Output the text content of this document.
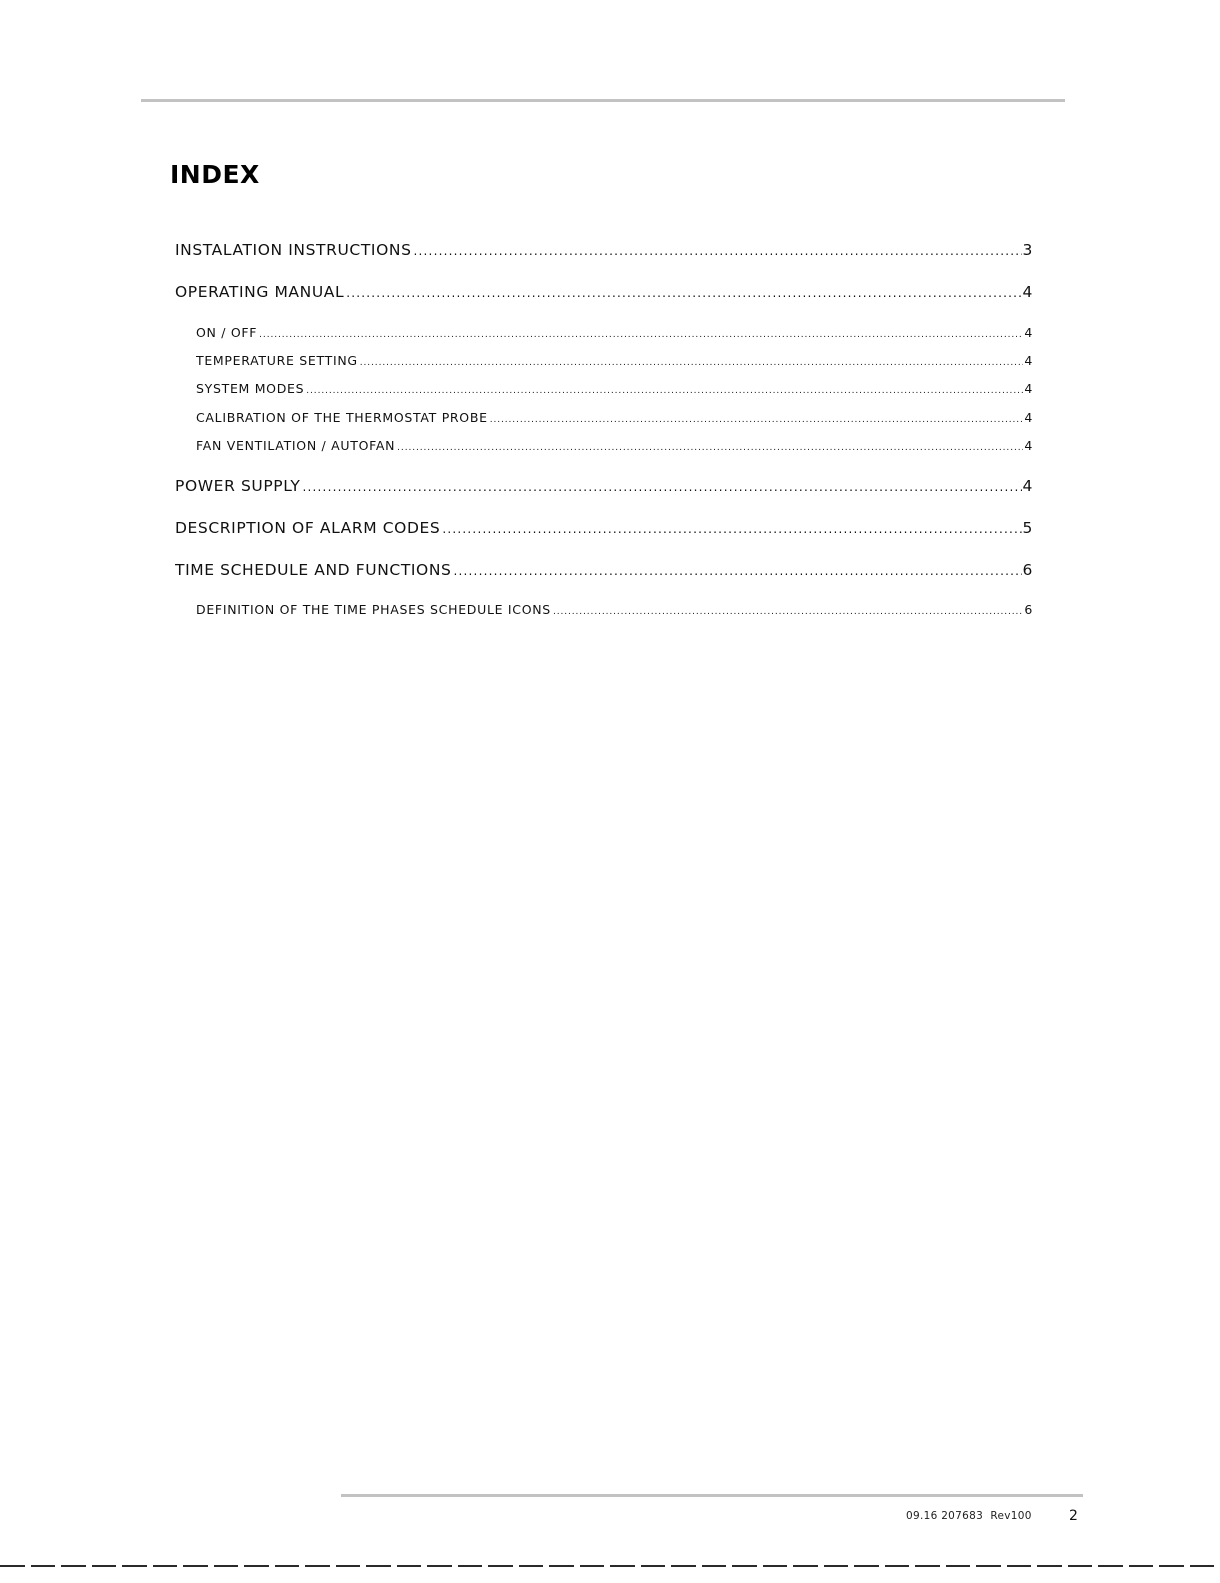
INDEX
INSTALATION INSTRUCTIONS .....	3
OPERATING MANUAL .....	4
ON / OFF .....	4
TEMPERATURE SETTING .....	4
SYSTEM MODES .....	4
CALIBRATION OF THE THERMOSTAT PROBE .....	4
FAN VENTILATION / AUTOFAN .....	4
POWER SUPPLY .....	4
DESCRIPTION OF ALARM CODES .....	5
TIME SCHEDULE AND FUNCTIONS .....	6
DEFINITION OF THE TIME PHASES SCHEDULE ICONS .....	6
09.16 207683  Rev100	2
